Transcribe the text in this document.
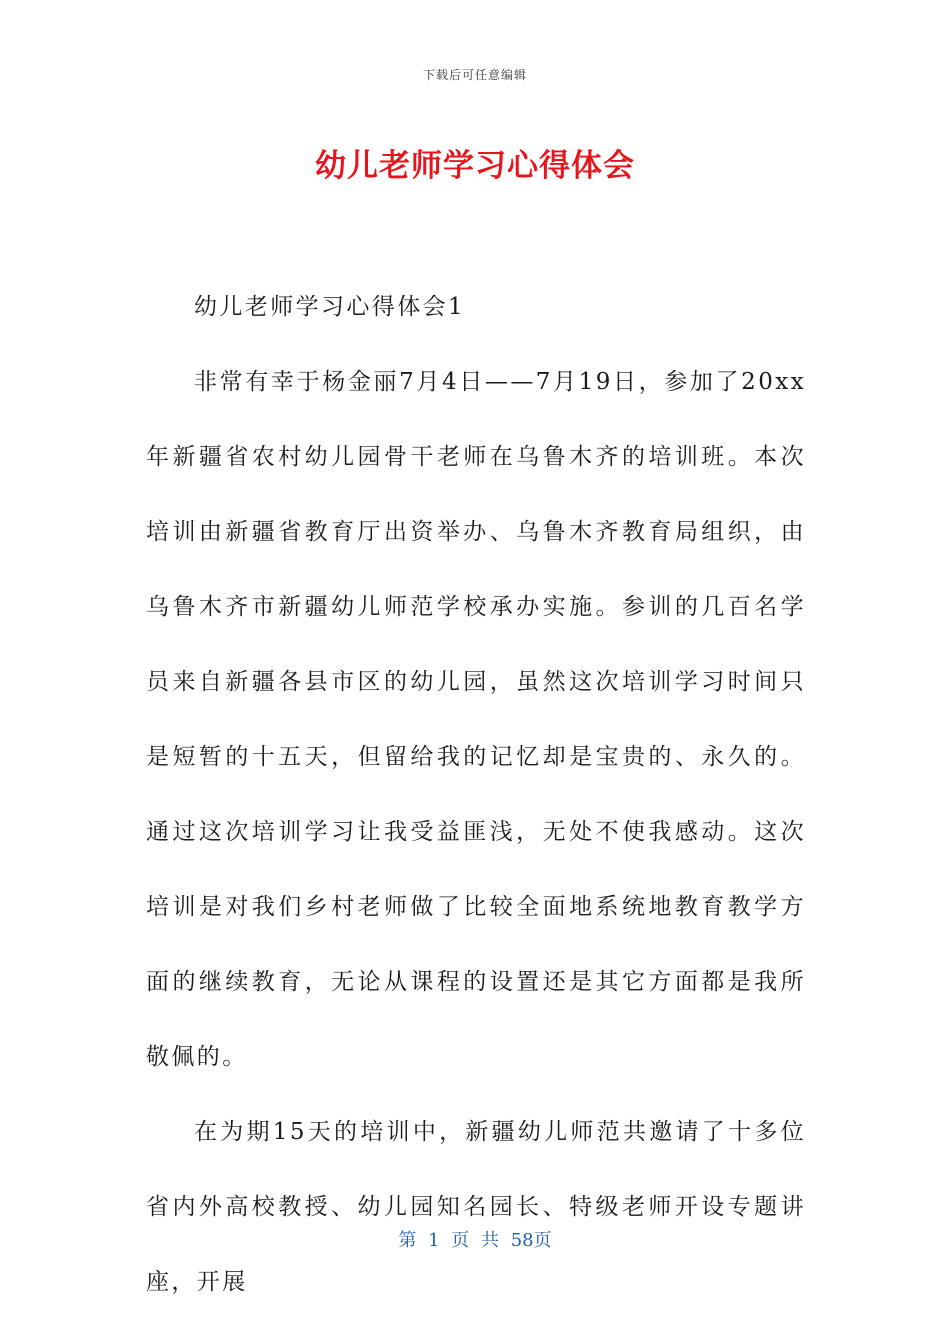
下载后可任意编辑
幼儿老师学习心得体会

幼儿老师学习心得体会1

非常有幸于杨金丽7月4日——7月19日，参加了20xx年新疆省农村幼儿园骨干老师在乌鲁木齐的培训班。本次培训由新疆省教育厅出资举办、乌鲁木齐教育局组织，由乌鲁木齐市新疆幼儿师范学校承办实施。参训的几百名学员来自新疆各县市区的幼儿园，虽然这次培训学习时间只是短暂的十五天，但留给我的记忆却是宝贵的、永久的。通过这次培训学习让我受益匪浅，无处不使我感动。这次培训是对我们乡村老师做了比较全面地系统地教育教学方面的继续教育，无论从课程的设置还是其它方面都是我所敬佩的。

在为期15天的培训中，新疆幼儿师范共邀请了十多位省内外高校教授、幼儿园知名园长、特级老师开设专题讲座，开展

第 1 页 共 58页
